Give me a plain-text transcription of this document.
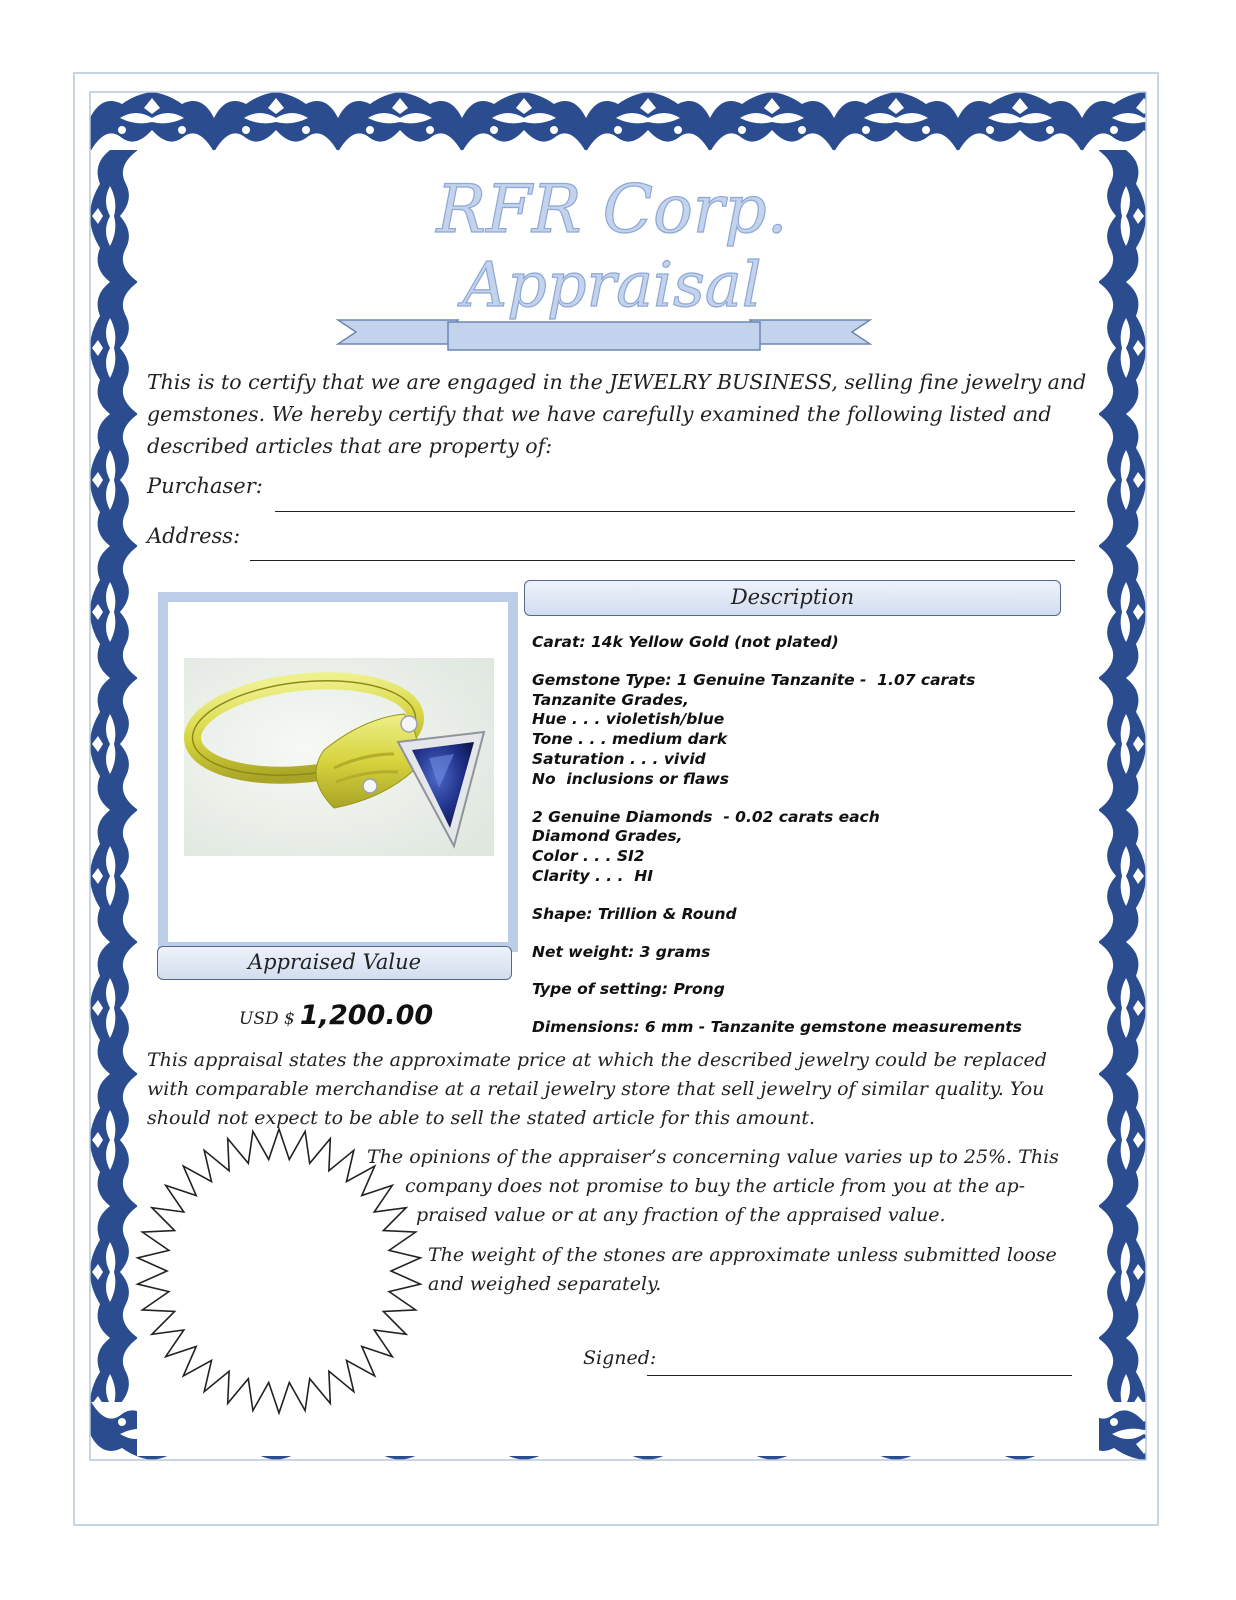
RFR Corp.
Appraisal
This is to certify that we are engaged in the JEWELRY BUSINESS, selling fine jewelry and gemstones. We hereby certify that we have carefully examined the following listed and described articles that are property of:
Purchaser:
Address:
Description
Carat: 14k Yellow Gold (not plated)
Gemstone Type: 1 Genuine Tanzanite -  1.07 carats
Tanzanite Grades,
Hue . . . violetish/blue
Tone . . . medium dark
Saturation . . . vivid
No  inclusions or flaws
2 Genuine Diamonds  - 0.02 carats each
Diamond Grades,
Color . . . SI2
Clarity . . .  HI
Shape: Trillion & Round
Net weight: 3 grams
Type of setting: Prong
Dimensions: 6 mm - Tanzanite gemstone measurements
Appraised Value
USD $ 1,200.00
This appraisal states the approximate price at which the described jewelry could be replaced with comparable merchandise at a retail jewelry store that sell jewelry of similar quality. You should not expect to be able to sell the stated article for this amount.
The opinions of the appraiser’s concerning value varies up to 25%. This
company does not promise to buy the article from you at the ap-
praised value or at any fraction of the appraised value.
The weight of the stones are approximate unless submitted loose
and weighed separately.
Signed:
